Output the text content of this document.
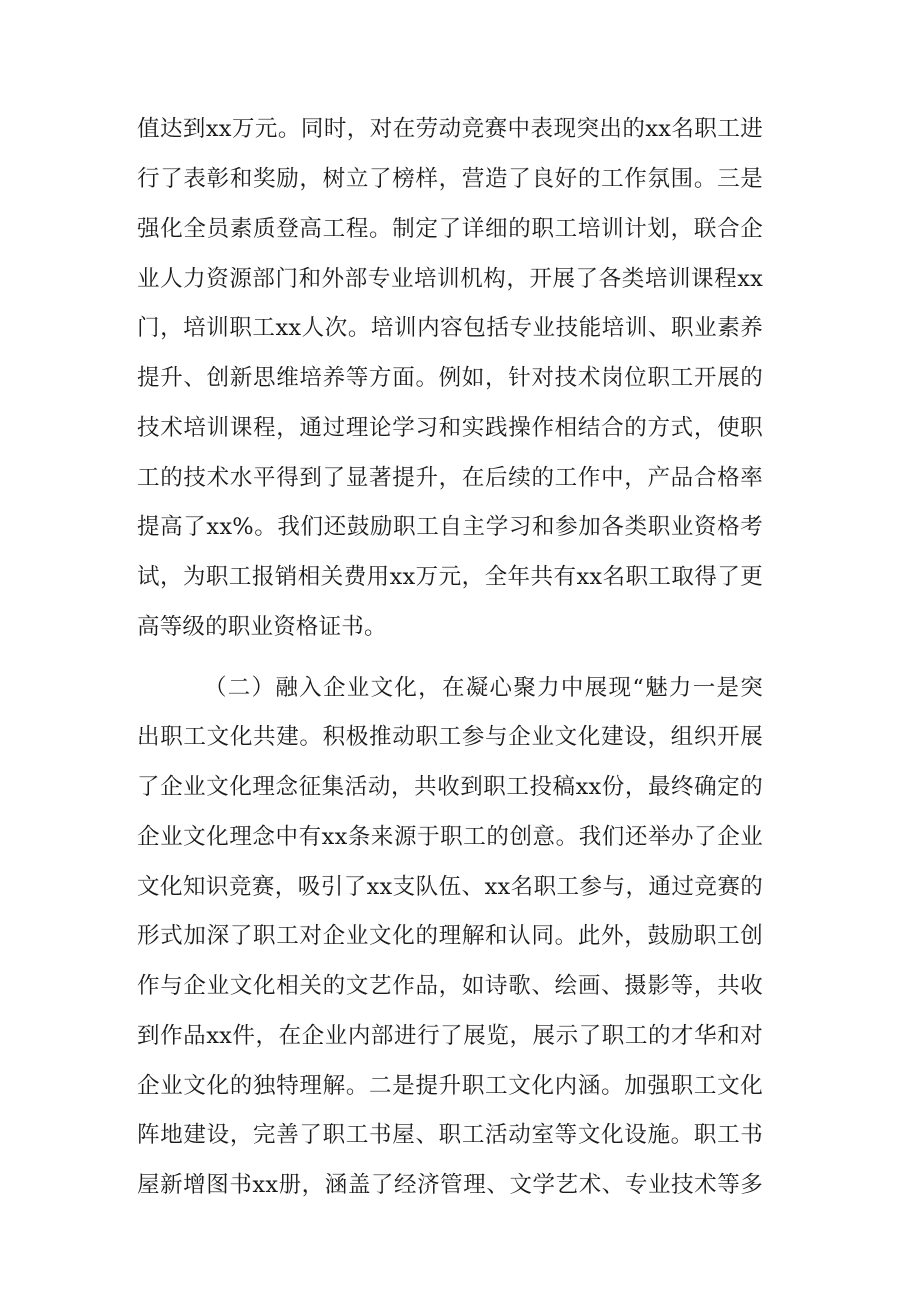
值达到xx万元。同时，对在劳动竞赛中表现突出的xx名职工进
行了表彰和奖励，树立了榜样，营造了良好的工作氛围。三是
强化全员素质登高工程。制定了详细的职工培训计划，联合企
业人力资源部门和外部专业培训机构，开展了各类培训课程xx
门，培训职工xx人次。培训内容包括专业技能培训、职业素养
提升、创新思维培养等方面。例如，针对技术岗位职工开展的
技术培训课程，通过理论学习和实践操作相结合的方式，使职
工的技术水平得到了显著提升，在后续的工作中，产品合格率
提高了xx%。我们还鼓励职工自主学习和参加各类职业资格考
试，为职工报销相关费用xx万元，全年共有xx名职工取得了更
高等级的职业资格证书。
（二）融入企业文化，在凝心聚力中展现“魅力一是突
出职工文化共建。积极推动职工参与企业文化建设，组织开展
了企业文化理念征集活动，共收到职工投稿xx份，最终确定的
企业文化理念中有xx条来源于职工的创意。我们还举办了企业
文化知识竞赛，吸引了xx支队伍、xx名职工参与，通过竞赛的
形式加深了职工对企业文化的理解和认同。此外，鼓励职工创
作与企业文化相关的文艺作品，如诗歌、绘画、摄影等，共收
到作品xx件，在企业内部进行了展览，展示了职工的才华和对
企业文化的独特理解。二是提升职工文化内涵。加强职工文化
阵地建设，完善了职工书屋、职工活动室等文化设施。职工书
屋新增图书xx册，涵盖了经济管理、文学艺术、专业技术等多
